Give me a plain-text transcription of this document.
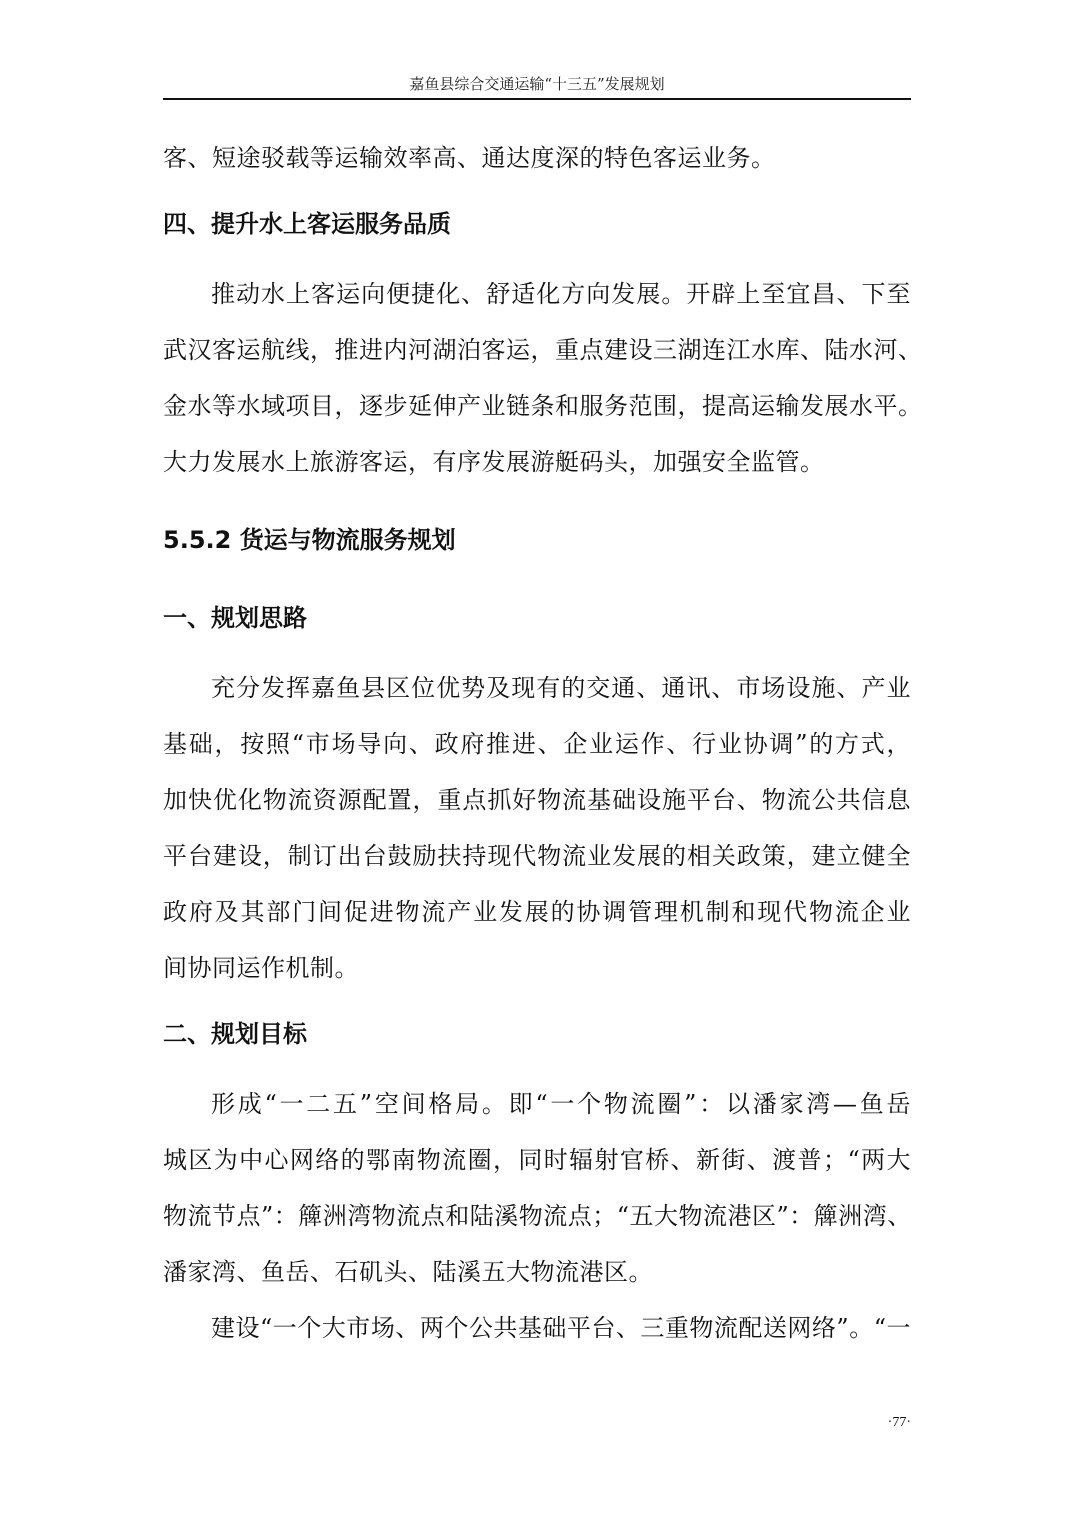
嘉鱼县综合交通运输“十三五”发展规划
客、短途驳载等运输效率高、通达度深的特色客运业务。
四、提升水上客运服务品质
推动水上客运向便捷化、舒适化方向发展。开辟上至宜昌、下至
武汉客运航线，推进内河湖泊客运，重点建设三湖连江水库、陆水河、
金水等水域项目，逐步延伸产业链条和服务范围，提高运输发展水平。
大力发展水上旅游客运，有序发展游艇码头，加强安全监管。
5.5.2 货运与物流服务规划
一、规划思路
充分发挥嘉鱼县区位优势及现有的交通、通讯、市场设施、产业
基础，按照“市场导向、政府推进、企业运作、行业协调”的方式，
加快优化物流资源配置，重点抓好物流基础设施平台、物流公共信息
平台建设，制订出台鼓励扶持现代物流业发展的相关政策，建立健全
政府及其部门间促进物流产业发展的协调管理机制和现代物流企业
间协同运作机制。
二、规划目标
形成“一二五”空间格局。即“一个物流圈”：以潘家湾—鱼岳
城区为中心网络的鄂南物流圈，同时辐射官桥、新街、渡普；“两大
物流节点”：簰洲湾物流点和陆溪物流点；“五大物流港区”：簰洲湾、
潘家湾、鱼岳、石矶头、陆溪五大物流港区。
建设“一个大市场、两个公共基础平台、三重物流配送网络”。“一
·77·
